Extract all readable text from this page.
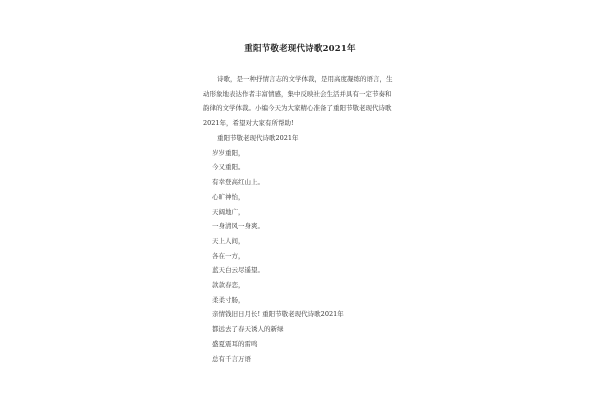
重阳节敬老现代诗歌2021年
诗歌，是一种抒情言志的文学体裁，是用高度凝练的语言，生
动形象地表达作者丰富情感，集中反映社会生活并具有一定节奏和
韵律的文学体裁。小编今天为大家精心准备了重阳节敬老现代诗歌
2021年，希望对大家有所帮助!
重阳节敬老现代诗歌2021年
岁岁重阳，
今又重阳。
有幸登高红山上。
心旷神怡，
天阔地广，
一身清风一身爽。
天上人间，
各在一方，
蓝天白云尽遥望。
款款春恋，
柔柔寸肠，
亲情钱旧日月长! 重阳节敬老现代诗歌2021年
都远去了春天诱人的新绿
盛夏震耳的雷鸣
总有千言万语
